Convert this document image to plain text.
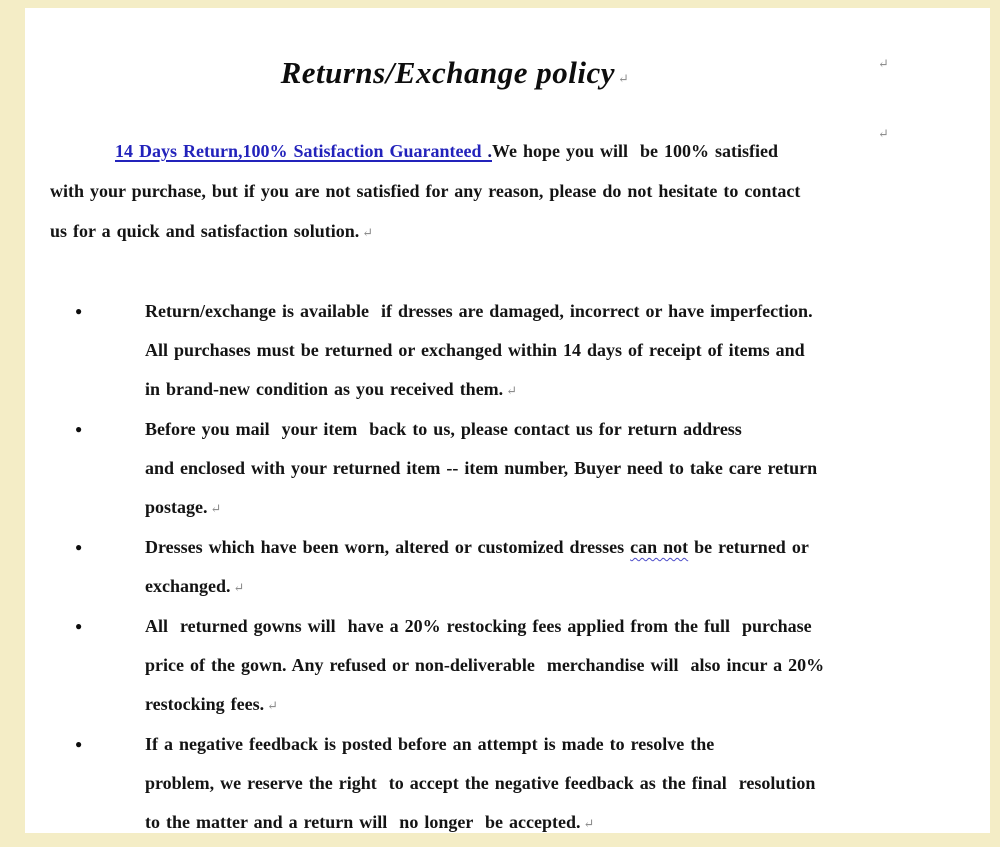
Returns/Exchange policy ↵
14 Days Return,100% Satisfaction Guaranteed .We hope you will  be 100% satisfied
with your purchase, but if you are not satisfied for any reason, please do not hesitate to contact
us for a quick and satisfaction solution. ↵
●	Return/exchange is available  if dresses are damaged, incorrect or have imperfection.
All purchases must be returned or exchanged within 14 days of receipt of items and
in brand-new condition as you received them. ↵
●	Before you mail  your item  back to us, please contact us for return address
and enclosed with your returned item -- item number, Buyer need to take care return
postage. ↵
●	Dresses which have been worn, altered or customized dresses can not be returned or
exchanged. ↵
●	All  returned gowns will  have a 20% restocking fees applied from the full  purchase
price of the gown. Any refused or non-deliverable  merchandise will  also incur a 20%
restocking fees. ↵
●	If a negative feedback is posted before an attempt is made to resolve the
problem, we reserve the right  to accept the negative feedback as the final  resolution
to the matter and a return will  no longer  be accepted. ↵
↵
↵
